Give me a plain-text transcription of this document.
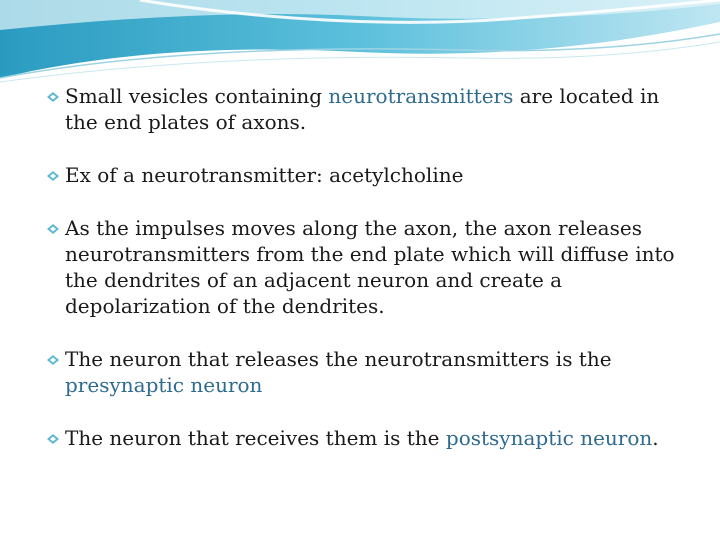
Small vesicles containing neurotransmitters are located in the end plates of axons.
Ex of a neurotransmitter: acetylcholine
As the impulses moves along the axon, the axon releases neurotransmitters from the end plate which will diffuse into the dendrites of an adjacent neuron and create a depolarization of the dendrites.
The neuron that releases the neurotransmitters is the presynaptic neuron
The neuron that receives them is the postsynaptic neuron.
